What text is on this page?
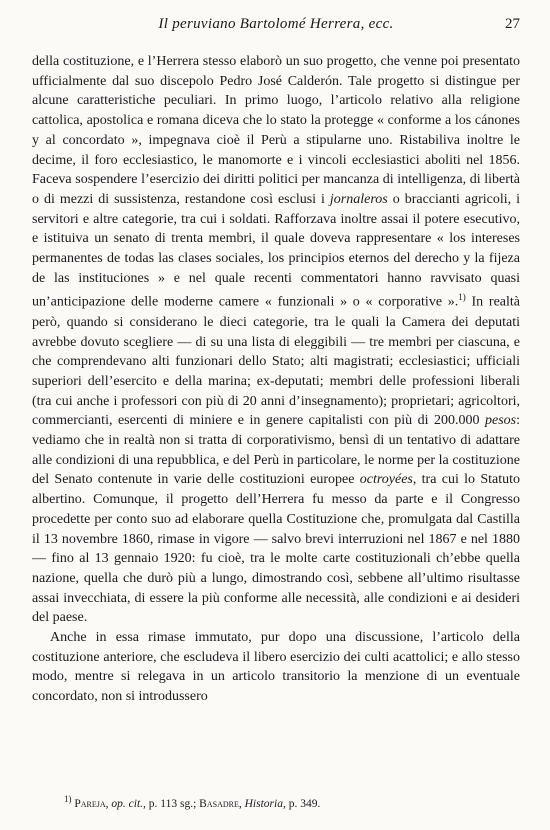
Il peruviano Bartolomé Herrera, ecc.	27

della costituzione, e l’Herrera stesso elaborò un suo progetto, che venne poi presentato ufficialmente dal suo discepolo Pedro José Calderón. Tale progetto si distingue per alcune caratteristiche peculiari. In primo luogo, l’articolo relativo alla religione cattolica, apostolica e romana diceva che lo stato la protegge « conforme a los cánones y al concordato », impegnava cioè il Perù a stipularne uno. Ristabiliva inoltre le decime, il foro ecclesiastico, le manomorte e i vincoli ecclesiastici aboliti nel 1856. Faceva sospendere l’esercizio dei diritti politici per mancanza di intelligenza, di libertà o di mezzi di sussistenza, restandone così esclusi i jornaleros o braccianti agricoli, i servitori e altre categorie, tra cui i soldati. Rafforzava inoltre assai il potere esecutivo, e istituiva un senato di trenta membri, il quale doveva rappresentare « los intereses permanentes de todas las clases sociales, los principios eternos del derecho y la fijeza de las instituciones » e nel quale recenti commentatori hanno ravvisato quasi un’anticipazione delle moderne camere « funzionali » o « corporative ».$^{1)}$ In realtà però, quando si considerano le dieci categorie, tra le quali la Camera dei deputati avrebbe dovuto scegliere — di su una lista di eleggibili — tre membri per ciascuna, e che comprendevano alti funzionari dello Stato; alti magistrati; ecclesiastici; ufficiali superiori dell’esercito e della marina; ex-deputati; membri delle professioni liberali (tra cui anche i professori con più di 20 anni d’insegnamento); proprietari; agricoltori, commercianti, esercenti di miniere e in genere capitalisti con più di 200.000 pesos: vediamo che in realtà non si tratta di corporativismo, bensì di un tentativo di adattare alle condizioni di una repubblica, e del Perù in particolare, le norme per la costituzione del Senato contenute in varie delle costituzioni europee octroyées, tra cui lo Statuto albertino. Comunque, il progetto dell’Herrera fu messo da parte e il Congresso procedette per conto suo ad elaborare quella Costituzione che, promulgata dal Castilla il 13 novembre 1860, rimase in vigore — salvo brevi interruzioni nel 1867 e nel 1880 — fino al 13 gennaio 1920: fu cioè, tra le molte carte costituzionali ch’ebbe quella nazione, quella che durò più a lungo, dimostrando così, sebbene all’ultimo risultasse assai invecchiata, di essere la più conforme alle necessità, alle condizioni e ai desideri del paese.

Anche in essa rimase immutato, pur dopo una discussione, l’articolo della costituzione anteriore, che escludeva il libero esercizio dei culti acattolici; e allo stesso modo, mentre si relegava in un articolo transitorio la menzione di un eventuale concordato, non si introdussero

$^{1)}$ Pareja, op. cit., p. 113 sg.; Basadre, Historia, p. 349.
